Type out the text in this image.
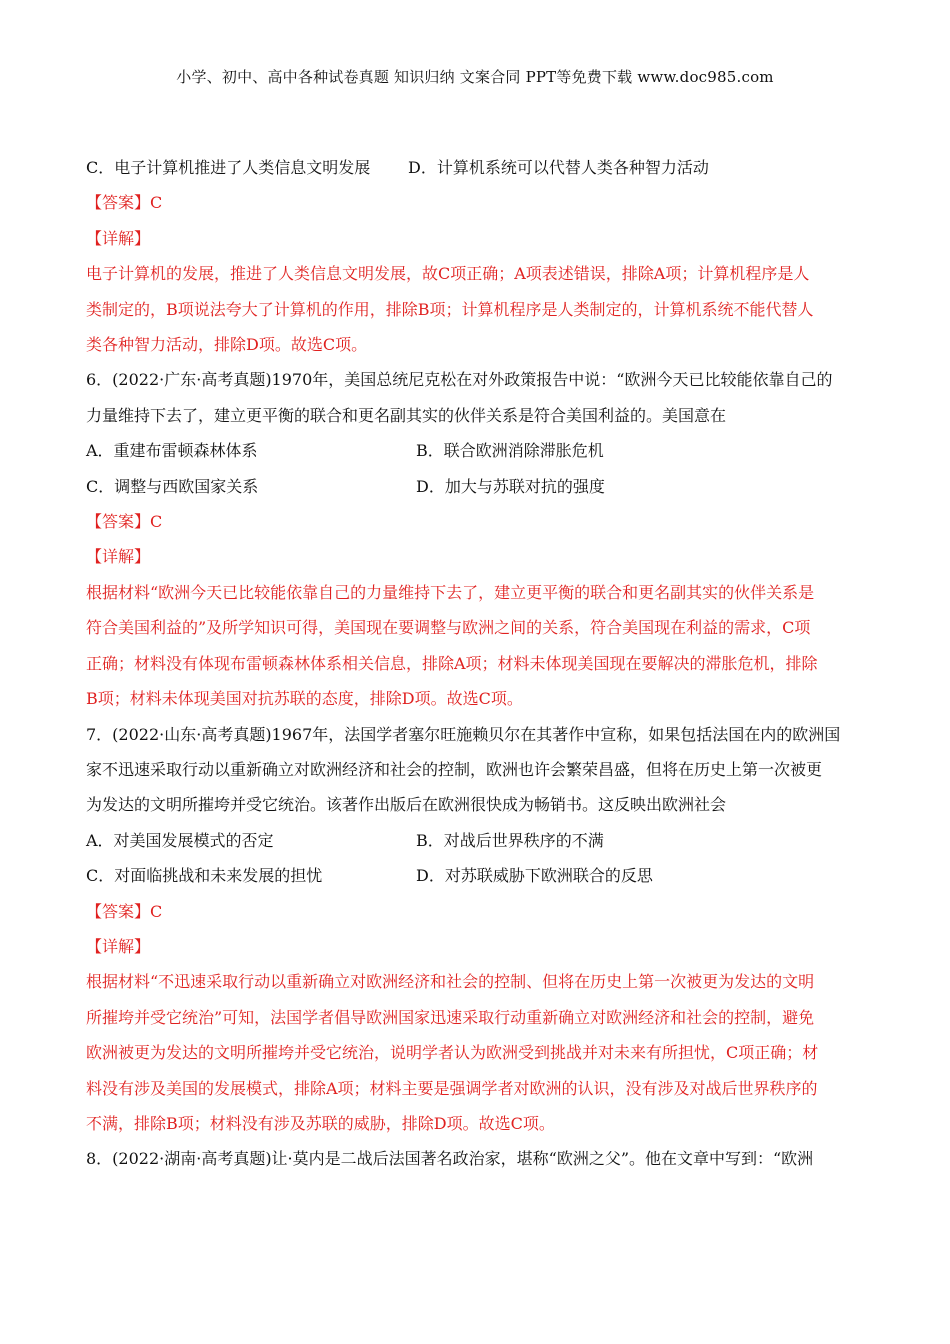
小学、初中、高中各种试卷真题 知识归纳 文案合同 PPT等免费下载 www.doc985.com
C．电子计算机推进了人类信息文明发展	D．计算机系统可以代替人类各种智力活动
【答案】C
【详解】
电子计算机的发展，推进了人类信息文明发展，故C项正确；A项表述错误，排除A项；计算机程序是人
类制定的，B项说法夸大了计算机的作用，排除B项；计算机程序是人类制定的，计算机系统不能代替人
类各种智力活动，排除D项。故选C项。
6．(2022·广东·高考真题)1970年，美国总统尼克松在对外政策报告中说：“欧洲今天已比较能依靠自己的
力量维持下去了，建立更平衡的联合和更名副其实的伙伴关系是符合美国利益的。美国意在
A．重建布雷顿森林体系	B．联合欧洲消除滞胀危机
C．调整与西欧国家关系	D．加大与苏联对抗的强度
【答案】C
【详解】
根据材料“欧洲今天已比较能依靠自己的力量维持下去了，建立更平衡的联合和更名副其实的伙伴关系是
符合美国利益的”及所学知识可得，美国现在要调整与欧洲之间的关系，符合美国现在利益的需求，C项
正确；材料没有体现布雷顿森林体系相关信息，排除A项；材料未体现美国现在要解决的滞胀危机，排除
B项；材料未体现美国对抗苏联的态度，排除D项。故选C项。
7．(2022·山东·高考真题)1967年，法国学者塞尔旺施赖贝尔在其著作中宣称，如果包括法国在内的欧洲国
家不迅速采取行动以重新确立对欧洲经济和社会的控制，欧洲也许会繁荣昌盛，但将在历史上第一次被更
为发达的文明所摧垮并受它统治。该著作出版后在欧洲很快成为畅销书。这反映出欧洲社会
A．对美国发展模式的否定	B．对战后世界秩序的不满
C．对面临挑战和未来发展的担忧	D．对苏联威胁下欧洲联合的反思
【答案】C
【详解】
根据材料“不迅速采取行动以重新确立对欧洲经济和社会的控制、但将在历史上第一次被更为发达的文明
所摧垮并受它统治”可知，法国学者倡导欧洲国家迅速采取行动重新确立对欧洲经济和社会的控制，避免
欧洲被更为发达的文明所摧垮并受它统治，说明学者认为欧洲受到挑战并对未来有所担忧，C项正确；材
料没有涉及美国的发展模式，排除A项；材料主要是强调学者对欧洲的认识，没有涉及对战后世界秩序的
不满，排除B项；材料没有涉及苏联的威胁，排除D项。故选C项。
8．(2022·湖南·高考真题)让·莫内是二战后法国著名政治家，堪称“欧洲之父”。他在文章中写到：“欧洲
